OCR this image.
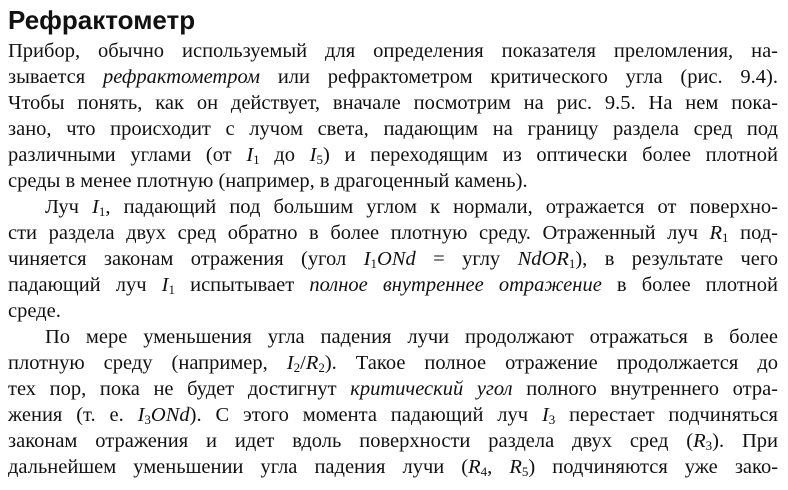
Рефрактометр
Прибор, обычно используемый для определения показателя преломления, на-
зывается рефрактометром или рефрактометром критического угла (рис. 9.4).
Чтобы понять, как он действует, вначале посмотрим на рис. 9.5. На нем пока-
зано, что происходит с лучом света, падающим на границу раздела сред под
различными углами (от $I_1$ до $I_5$) и переходящим из оптически более плотной
среды в менее плотную (например, в драгоценный камень).
Луч $I_1$, падающий под большим углом к нормали, отражается от поверхно-
сти раздела двух сред обратно в более плотную среду. Отраженный луч $R_1$ под-
чиняется законам отражения (угол $I_1ONd$ = углу NdOR$_1$), в результате чего
падающий луч $I_1$ испытывает полное внутреннее отражение в более плотной
среде.
По мере уменьшения угла падения лучи продолжают отражаться в более
плотную среду (например, $I_2/R_2$). Такое полное отражение продолжается до
тех пор, пока не будет достигнут критический угол полного внутреннего отра-
жения (т. е. $I_3ONd$). С этого момента падающий луч $I_3$ перестает подчиняться
законам отражения и идет вдоль поверхности раздела двух сред $(R_3)$. При
дальнейшем уменьшении угла падения лучи ($R_4$, $R_5$) подчиняются уже зако-
